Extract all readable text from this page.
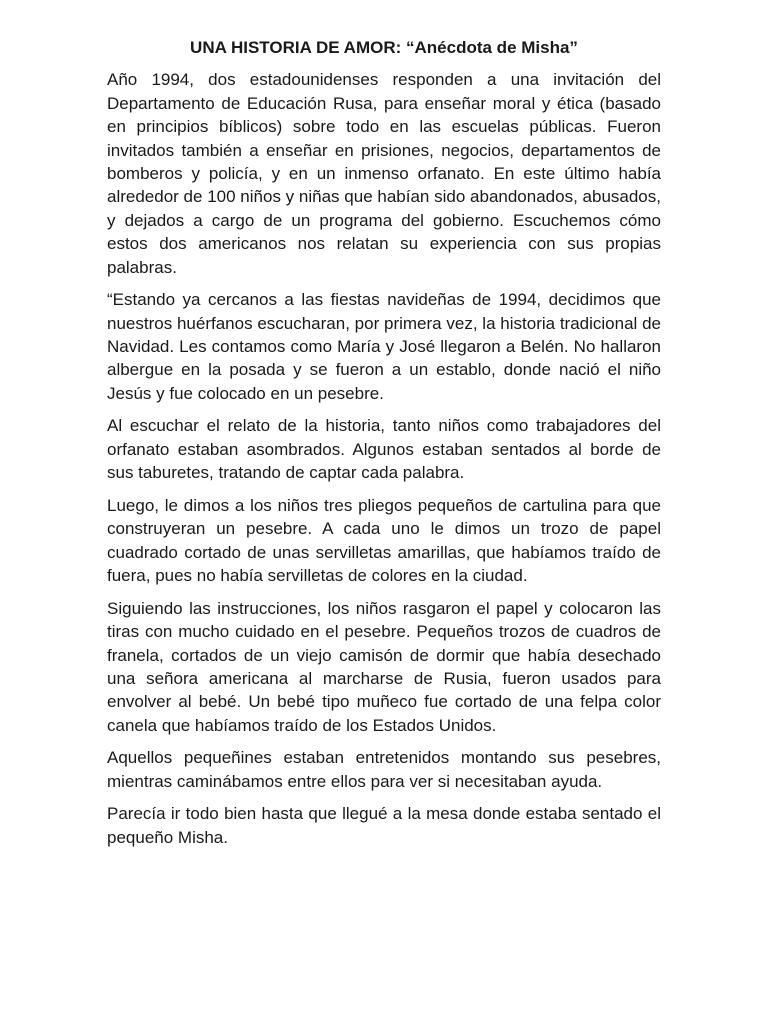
UNA HISTORIA DE AMOR: “Anécdota de Misha”

Año 1994, dos estadounidenses responden a una invitación del Departamento de Educación Rusa, para enseñar moral y ética (basado en principios bíblicos) sobre todo en las escuelas públicas. Fueron invitados también a enseñar en prisiones, negocios, departamentos de bomberos y policía, y en un inmenso orfanato. En este último había alrededor de 100 niños y niñas que habían sido abandonados, abusados, y dejados a cargo de un programa del gobierno. Escuchemos cómo estos dos americanos nos relatan su experiencia con sus propias palabras.

“Estando ya cercanos a las fiestas navideñas de 1994, decidimos que nuestros huérfanos escucharan, por primera vez, la historia tradicional de Navidad. Les contamos como María y José llegaron a Belén. No hallaron albergue en la posada y se fueron a un establo, donde nació el niño Jesús y fue colocado en un pesebre.

Al escuchar el relato de la historia, tanto niños como trabajadores del orfanato estaban asombrados. Algunos estaban sentados al borde de sus taburetes, tratando de captar cada palabra.

Luego, le dimos a los niños tres pliegos pequeños de cartulina para que construyeran un pesebre. A cada uno le dimos un trozo de papel cuadrado cortado de unas servilletas amarillas, que habíamos traído de fuera, pues no había servilletas de colores en la ciudad.

Siguiendo las instrucciones, los niños rasgaron el papel y colocaron las tiras con mucho cuidado en el pesebre. Pequeños trozos de cuadros de franela, cortados de un viejo camisón de dormir que había desechado una señora americana al marcharse de Rusia, fueron usados para envolver al bebé. Un bebé tipo muñeco fue cortado de una felpa color canela que habíamos traído de los Estados Unidos.

Aquellos pequeñines estaban entretenidos montando sus pesebres, mientras caminábamos entre ellos para ver si necesitaban ayuda.

Parecía ir todo bien hasta que llegué a la mesa donde estaba sentado el pequeño Misha.
